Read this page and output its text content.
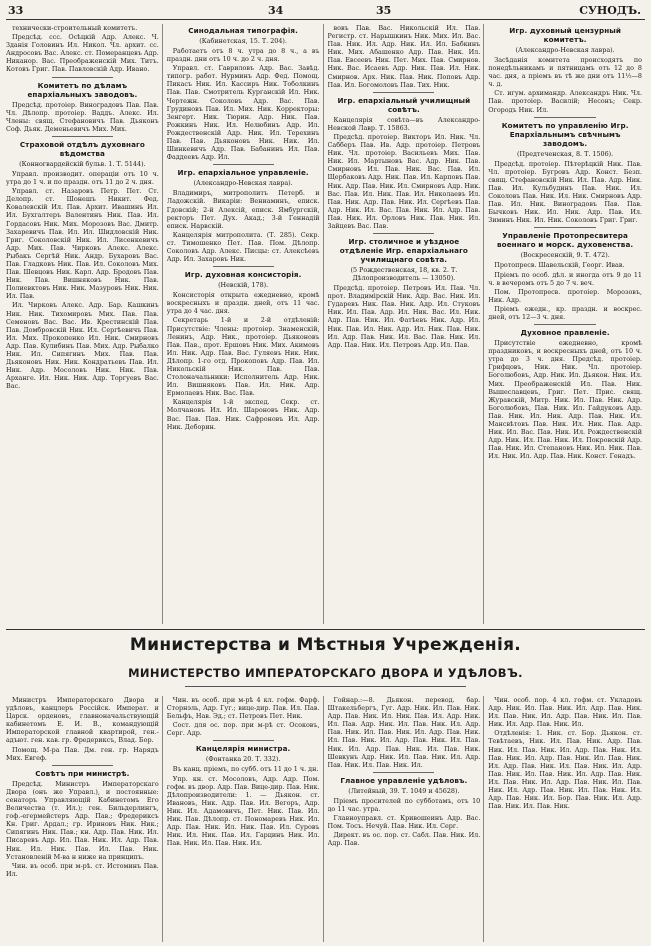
33	34	35	СУНОДЪ.

технически-строительный комитетъ.

Предсѣд. ссс. Осѣцкій Адр. Алекс. Ч. Зданія Головинъ Ил. Никол. Чл. архит. сс. Андросовъ Вас. Алекс. ст. Померанцевъ Адр. Никанор. Вас. Преображенскій Мих. Титъ. Котовъ Григ. Пав. Павловскій Адр. Ивано.

Комитетъ по дѣламъ епархіальныхъ заводовъ.

Предсѣд. протоіер. Виноградовъ Пав. Пав. Чл. Дѣлопр. протоіер. Ваддъ. Алекс. Ил. Члены: свящ. Стефановичъ Пав. Дьяконъ Соф. Дьяк. Деменьевичъ Мих. Мих.

Страховой отдѣлъ духовнаго вѣдомства
(Конногвардейскій бульв. 1. Т. 5144).

Управл. производит. операціи отъ 10 ч. утра до 1 ч. и по праздн. отъ 11 до 2 ч. дня.

Управл. ст. Назаровъ Петр. Пет. Ст. Делопр. ст. Шонешъ Никит. Фед. Ковалевскій Ил. Пав. Архит. Ивашинъ Ил. Ил. Бухгалтеръ Валентинъ Ник. Пав. Ил. Гордасовъ Ник. Мих. Морозовъ Вас. Дмитр. Захаревичъ Пав. Ил. Ил. Шидловскій Ник. Григ. Соколовскій Ник. Ил. Лисенкевичъ Адр. Мих. Пав. Чирковъ Алекс. Алекс. Рыбакъ Сергѣй Ник. Андр. Бухаровъ Вас. Пав. Гладковъ Ник. Пав. Ил. Соколовъ Мих. Пав. Шевцовъ Ник. Карл. Адр. Бродовъ Пав. Ник. Пав. Вишняковъ Ник. Пав. Полиевктовъ Ник. Ник. Мазуровъ Ник. Ник. Ил. Пав.

Ил. Чирковъ Алекс. Адр. Бар. Кашкинъ Ник. Ник. Тихомировъ Мих. Пав. Пав. Семеновъ Вас. Вас. Ив. Крестинскій Пав. Пав. Домбровскій Ник. Ил. Сергѣевичъ Пав. Ил. Мих. Прокопенко Ил. Ник. Смирновъ Адр. Пав. Кулибинъ Пав. Мих. Адр. Рыбалко Ник. Ил. Сипягинъ Мих. Пав. Пав. Дьяконовъ Ник. Ник. Кондратьевъ Пав. Ил. Ник. Адр. Мосоловъ Ник. Ник. Пав. Арханге. Ил. Ник. Ник. Адр. Торгуевъ Вас. Вас.

Синодальная типографія.
(Кабинетская, 15. Т. 204).

Работаетъ отъ 8 ч. утра до 8 ч., а въ праздн. дни отъ 10 ч. до 2 ч. дня.

Управл. ст. Гавриловъ Адр. Вас. Завѣд. типогр. работ. Нурминъ Адр. Фед. Помощ. Пикасъ Ник. Ил. Кассиръ Ник. Тоболкинъ Пав. Пав. Смотритель Курганскій Ил. Ник. Чертежн. Соколовъ Адр. Вас. Пав. Грудиновъ Пав. Ил. Мих. Ник. Корректоры: Зенгерт. Ник. Тюрин. Адр. Ник. Пав. Рожкинъ Ник. Ил. Нелюбинъ Адр. Ил. Рождественскій Адр. Ник. Ил. Терехинъ Пав. Пав. Дьяконовъ Ник. Ник. Ил. Шинкевичъ Адр. Пав. Бабанинъ Ил. Пав. Фаддеевъ Адр. Ил.

Игр. епархіальное управленіе.
(Александро-Невская лавра).

Владимиръ, митрополитъ Петерб. и Ладожскій. Викаріи: Вениаминъ, еписк. Гдовскій; 2-й Алексій, еписк. Ямбургскій, ректоръ Пет. Дух. Акад.; 3-й Геннадій еписк. Нарвскій.

Канцелярія митрополита. (Т. 285). Секр. ст. Тимошенко Пет. Пав. Пом. Дѣлопр. Соколовъ Адр. Алекс. Писцы: ст. Алексѣевъ Адр. Ил. Захаровъ Ник.

Игр. духовная консисторія.
(Невскій, 178).

Консисторія открыта ежедневно, кромѣ воскресныхъ и праздн. дней, отъ 11 час. утра до 4 час. дня.

Секретарь 1-й и 2-й отдѣленій: Присутствіе: Члены: протоіер. Знаменскій, Ленинъ, Адр. Ник., протоіер. Дьяконовъ Пав. Пав., прот. Ершовъ Ник. Мих. Акимовъ Ил. Ник. Адр. Пав. Вас. Гуляевъ Ник. Ник. Дѣлопр. 1-го отд. Прокоповъ Адр. Пав. Ил. Никольскій Ник. Пав. Пав. Столоначальники: Исполнитель Адр. Ник. Ил. Вишняковъ Пав. Ил. Ник. Адр. Ермолаевъ Ник. Вас. Пав.

Канцелярія 1-й экспед. Секр. ст. Молчановъ Ил. Ил. Шароновъ Ник. Адр. Вас. Пав. Пав. Ник. Сафроновъ Ил. Адр. Ник. Деборин.

вовъ Пав. Вас. Никольскій Ил. Пав. Регистр. ст. Нарышкинъ Ник. Мих. Ил. Вас. Пав. Ник. Ил. Адр. Ник. Ил. Ил. Бабкинъ Ник. Мих. Абашенко Адр. Пав. Ник. Ил. Пав. Евсеевъ Ник. Пет. Мих. Пав. Смирнов. Ник. Вас. Исаевъ Адр. Ник. Пав. Ил. Ник. Смирнов. Арх. Ник. Пав. Ник. Поповъ Адр. Пав. Ил. Богомоловъ Пав. Тих. Ник.

Игр. епархіальный училищный совѣтъ.

Канцелярія совѣта—въ Александро-Невской Лавр. Т. 15863.

Предсѣд. протоіер. Викторъ Ил. Ник. Чл. Сабберъ Пав. Ив. Адр. протоіер. Петровъ Ник. Чл. протоіер. Васильевъ Мих. Пав. Ник. Ил. Мартыновъ Вас. Адр. Ник. Пав. Смирновъ Ил. Пав. Ник. Вас. Пав. Ил. Щербаковъ Адр. Ник. Пав. Ил. Карповъ Пав. Ник. Адр. Пав. Ник. Ил. Смирновъ Адр. Ник. Вас. Пав. Ил. Ник. Пав. Ил. Николаевъ Ил. Пав. Ник. Адр. Пав. Ник. Ил. Сергѣевъ Пав. Адр. Ник. Ил. Вас. Пав. Ник. Ил. Адр. Пав. Пав. Ник. Ил. Орловъ Ник. Пав. Ник. Ил. Зайцевъ Вас. Пав.

Игр. столичное и уѣздное отдѣленіе Игр. епархіальнаго училищнаго совѣта.
(5 Рождественская, 18, кв. 2. Т. Дѣлопроизводитель — 13050).

Предсѣд. протоіер. Петровъ Ил. Пав. Чл. прот. Владимірскій Ник. Адр. Вас. Ник. Ил. Гударевъ Ник. Пав. Ник. Адр. Ил. Стуковъ Ник. Ил. Пав. Адр. Ил. Ник. Вас. Ил. Ник. Адр. Пав. Ник. Ил. Фатѣевъ Ник. Адр. Ил. Ник. Пав. Ил. Ник. Адр. Ил. Ник. Пав. Ник. Ил. Адр. Пав. Ник. Ил. Вас. Пав. Ник. Ил. Адр. Пав. Ник. Ил. Петровъ Адр. Ил. Пав.

Игр. духовный цензурный комитетъ.
(Александро-Невская лавра).

Засѣданія комитета происходятъ по понедѣльникамъ и пятницамъ отъ 12 до 8 час. дня, а пріемъ въ тѣ же дни отъ 11½—8 ч. д.

Ст. игум. архимандр. Александръ Ник. Чл. Пав. протоіер. Василій; Несонъ; Секр. Огородъ Ник. Ил.

Комитетъ по управленію Игр. Епархіальнымъ свѣчнымъ заводомъ.
(Предтеченская, 8. Т. 1506).

Предсѣд. протоіер. Пѣтерѣцкій Ник. Пав. Чл. протоіер. Бугровъ Адр. Конст. Безп. свящ. Стефановскій Ник. Ил. Пав. Адр. Ник. Пав. Ил. Кульбудинъ Пав. Ник. Ил. Соколовъ Пав. Ник. Ил. Ник. Смирновъ Адр. Пав. Ил. Ник. Виноградовъ Пав. Пав. Бычковъ Ник. Ил. Ник. Адр. Пав. Ил. Зиминъ Ник. Ил. Ник. Соколовъ Григ. Григ.

Управленіе Протопресвитера военнаго и морск. духовенства.
(Воскресенскій, 9. Т. 472).

Протопресв. Шавельскій, Георг. Ивав.

Пріемъ по особ. дѣл. и иногда отъ 9 до 11 ч. в вечеромъ отъ 5 до 7 ч. веч.

Пом. Протопресв. протоіер. Морозовъ, Ник. Адр.

Пріемъ ежедн., кр. праздн. и воскрес. дней, отъ 12—3 ч. дня.

Духовное правленіе.

Присутствіе ежедневно, кромѣ праздниковъ, и воскресныхъ дней, отъ 10 ч. утра до 3 ч. дня. Предсѣд. протоіер. Грифцовъ, Ник. Ник. Чл. протоіер. Боголюбовъ, Адр. Ник. Ил. Дьякон. Ник. Ил. Мих. Преображенскій Ил. Пав. Ник. Вышеславцевъ, Григ. Пет. Прис. свящ. Журавскій, Митр. Ник. Ил. Пав. Ник. Адр. Боголюбовъ, Пав. Ник. Ил. Гайдуковъ Адр. Пав. Ник. Ил. Ник. Адр. Пав. Ник. Ил. Мансвѣтовъ Пав. Ник. Ил. Ник. Пав. Адр. Ник. Ил. Вас. Пав. Ник. Ил. Рождественскій Адр. Ник. Ил. Пав. Ник. Ил. Покровскій Адр. Пав. Ник. Ил. Степановъ Ник. Ил. Ник. Пав. Ил. Ник. Ил. Адр. Пав. Ник. Конст. Генадъ.

Министерства и Мѣстныя Учрежденія.
МИНИСТЕРСТВО ИМПЕРАТОРСКАГО ДВОРА И УДѢЛОВЪ.

Министръ Императорскаго Двора и удѣловъ, канцлеръ Россійск. Императ. и Царск. орденовъ, главноначальствующій кабинетомъ Е. И. В., командующій Императорской главной квартирой, ген.-адъют. ген. кав. гр. Фредериксъ, Влад. Бор.

Помощ. М-ра Пав. Дм. ген. гр. Нарядъ Мих. Евгеф.

Совѣтъ при министрѣ.

Предсѣд. Министръ Императорскаго Двора (онъ же Управл.), и постоянные: сенаторъ Управляющій Кабинетомъ Его Величества (т. Ил.); ген. Бильдерлингъ, гоф.-егермейстеръ Адр. Пав.; Фредериксъ Кн. Григ. Ардал.; гр. Ириновъ Ник. Ник.; Сипягинъ Ник. Пав.; кн. Адр. Пав. Ник. Ил. Писаревъ Адр. Ил. Пав. Ник. Ил. Адр. Пав. Ник. Ил. Ник. Пав. Ил. Пав. Ник. Установленій М-ва н ниже на принципъ.

Чин. въ особ. при м-рѣ. ст. Истоминъ Пав. Ил.

Чин. въ особ. при м-рѣ 4 кл. гофм. Фарф. Сторнэль, Адр. Гуг.; вице-дир. Пав. Ил. Пав. Бельфъ, Нав. Эд.; ст. Петровъ Пет. Ник.

Сост. для ос. пор. при м-рѣ ст. Осоковъ, Серг. Адр.

Канцелярія министра.
(Фонтанка 20. Т. 332).

Въ канц. пріемъ, по субб. отъ 11 до 1 ч. дн.

Упр. кн. ст. Мосоловъ, Адр. Адр. Пом. гофм. въ двор. Адр. Пав. Вице-дир. Пав. Ник. Дѣлопроизводители: 1. — Дьякон. ст. Ивановъ, Ник. Адр. Пав. Ил. Вегоръ, Адр. Ник. Ил. Адамовичъ, Пет. Ник. Пав. Ил. Ник. Пав. Дѣлопр. ст. Пономаревъ Ник. Ил. Адр. Пав. Ник. Ил. Ник. Пав. Ил. Суровъ Ник. Ил. Ник. Пав. Ил. Гарцинъ Ник. Ил. Пав. Ник. Ил. Пав. Ник. Ил.

Гойнар.:—8. Дьякон. перевод. бар. Штакельбергъ, Гуг. Адр. Ник. Ил. Пав. Ник. Адр. Пав. Ник. Ил. Ник. Пав. Ил. Адр. Ник. Ил. Пав. Адр. Ник. Ил. Пав. Ник. Ил. Адр. Пав. Ник. Ил. Пав. Ник. Ил. Адр. Пав. Ник. Ил. Пав. Ник. Ил. Адр. Пав. Ник. Ил. Пав. Ник. Ил. Адр. Пав. Ник. Ил. Пав. Ник. Шевкунъ Адр. Ник. Ил. Пав. Ник. Ил. Адр. Пав. Ник. Ил. Пав. Ник. Ил.

Главное управленіе удѣловъ.
(Литейный, 39. Т. 1049 и 45628).

Пріемъ просителей по субботамъ, отъ 10 до 11 час. утра.

Главноуправл. ст. Кривошеинъ Адр. Вас. Пом. Тосъ. Нечуй. Пав. Ник. Ил. Серг.

Директ. въ ос. пор. ст. Сабл. Пав. Ник. Ил. Адр. Пав.

Чин. особ. пор. 4 кл. гофм. ст. Укладовъ Адр. Ник. Ил. Пав. Ник. Ил. Адр. Пав. Ник. Ил. Пав. Ник. Ил. Адр. Пав. Ник. Ил. Пав. Ник. Ил. Адр. Пав. Ник. Ил.

Отдѣленія: 1. Ник. ст. Бор. Дьякон. ст. Тевѣтаевъ, Ник. Ил. Пав. Ник. Адр. Пав. Ник. Ил. Пав. Ник. Ил. Адр. Пав. Ник. Ил. Пав. Ник. Ил. Адр. Пав. Ник. Ил. Пав. Ник. Ил. Адр. Пав. Ник. Ил. Пав. Ник. Ил. Адр. Пав. Ник. Ил. Пав. Ник. Ил. Адр. Пав. Ник. Ил. Пав. Ник. Ил. Адр. Пав. Ник. Ил. Пав. Ник. Ил. Адр. Пав. Ник. Ил. Пав. Ник. Ил. Адр. Пав. Ник. Ил. Бор. Пав. Ник. Ил. Адр. Пав. Ник. Ил. Пав. Ник.
